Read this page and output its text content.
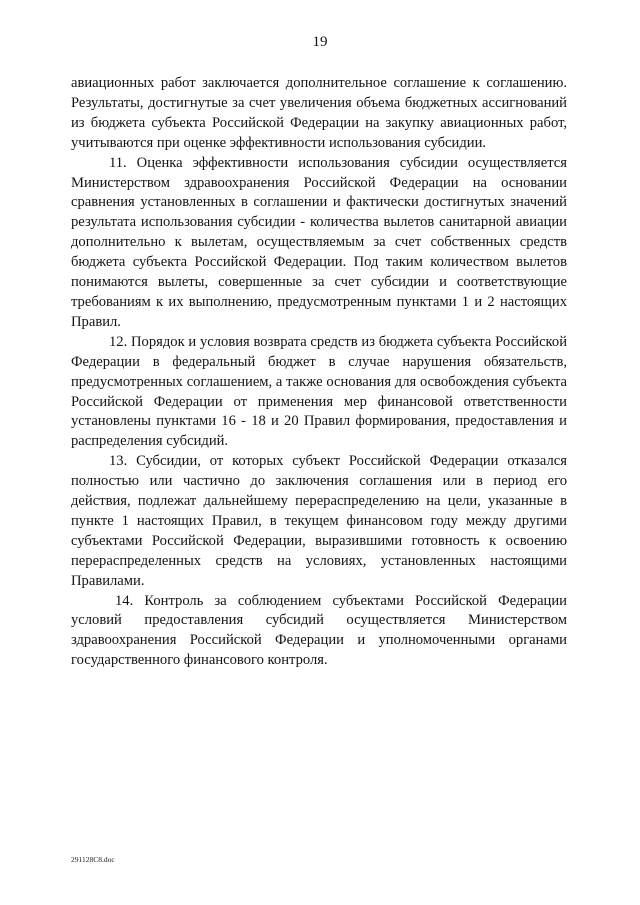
19

авиационных работ заключается дополнительное соглашение к соглашению. Результаты, достигнутые за счет увеличения объема бюджетных ассигнований из бюджета субъекта Российской Федерации на закупку авиационных работ, учитываются при оценке эффективности использования субсидии.

11. Оценка эффективности использования субсидии осуществляется Министерством здравоохранения Российской Федерации на основании сравнения установленных в соглашении и фактически достигнутых значений результата использования субсидии - количества вылетов санитарной авиации дополнительно к вылетам, осуществляемым за счет собственных средств бюджета субъекта Российской Федерации. Под таким количеством вылетов понимаются вылеты, совершенные за счет субсидии и соответствующие требованиям к их выполнению, предусмотренным пунктами 1 и 2 настоящих Правил.

12. Порядок и условия возврата средств из бюджета субъекта Российской Федерации в федеральный бюджет в случае нарушения обязательств, предусмотренных соглашением, а также основания для освобождения субъекта Российской Федерации от применения мер финансовой ответственности установлены пунктами 16 - 18 и 20 Правил формирования, предоставления и распределения субсидий.

13. Субсидии, от которых субъект Российской Федерации отказался полностью или частично до заключения соглашения или в период его действия, подлежат дальнейшему перераспределению на цели, указанные в пункте 1 настоящих Правил, в текущем финансовом году между другими субъектами Российской Федерации, выразившими готовность к освоению перераспределенных средств на условиях, установленных настоящими Правилами.

14. Контроль за соблюдением субъектами Российской Федерации условий предоставления субсидий осуществляется Министерством здравоохранения Российской Федерации и уполномоченными органами государственного финансового контроля.

291128C8.doc
